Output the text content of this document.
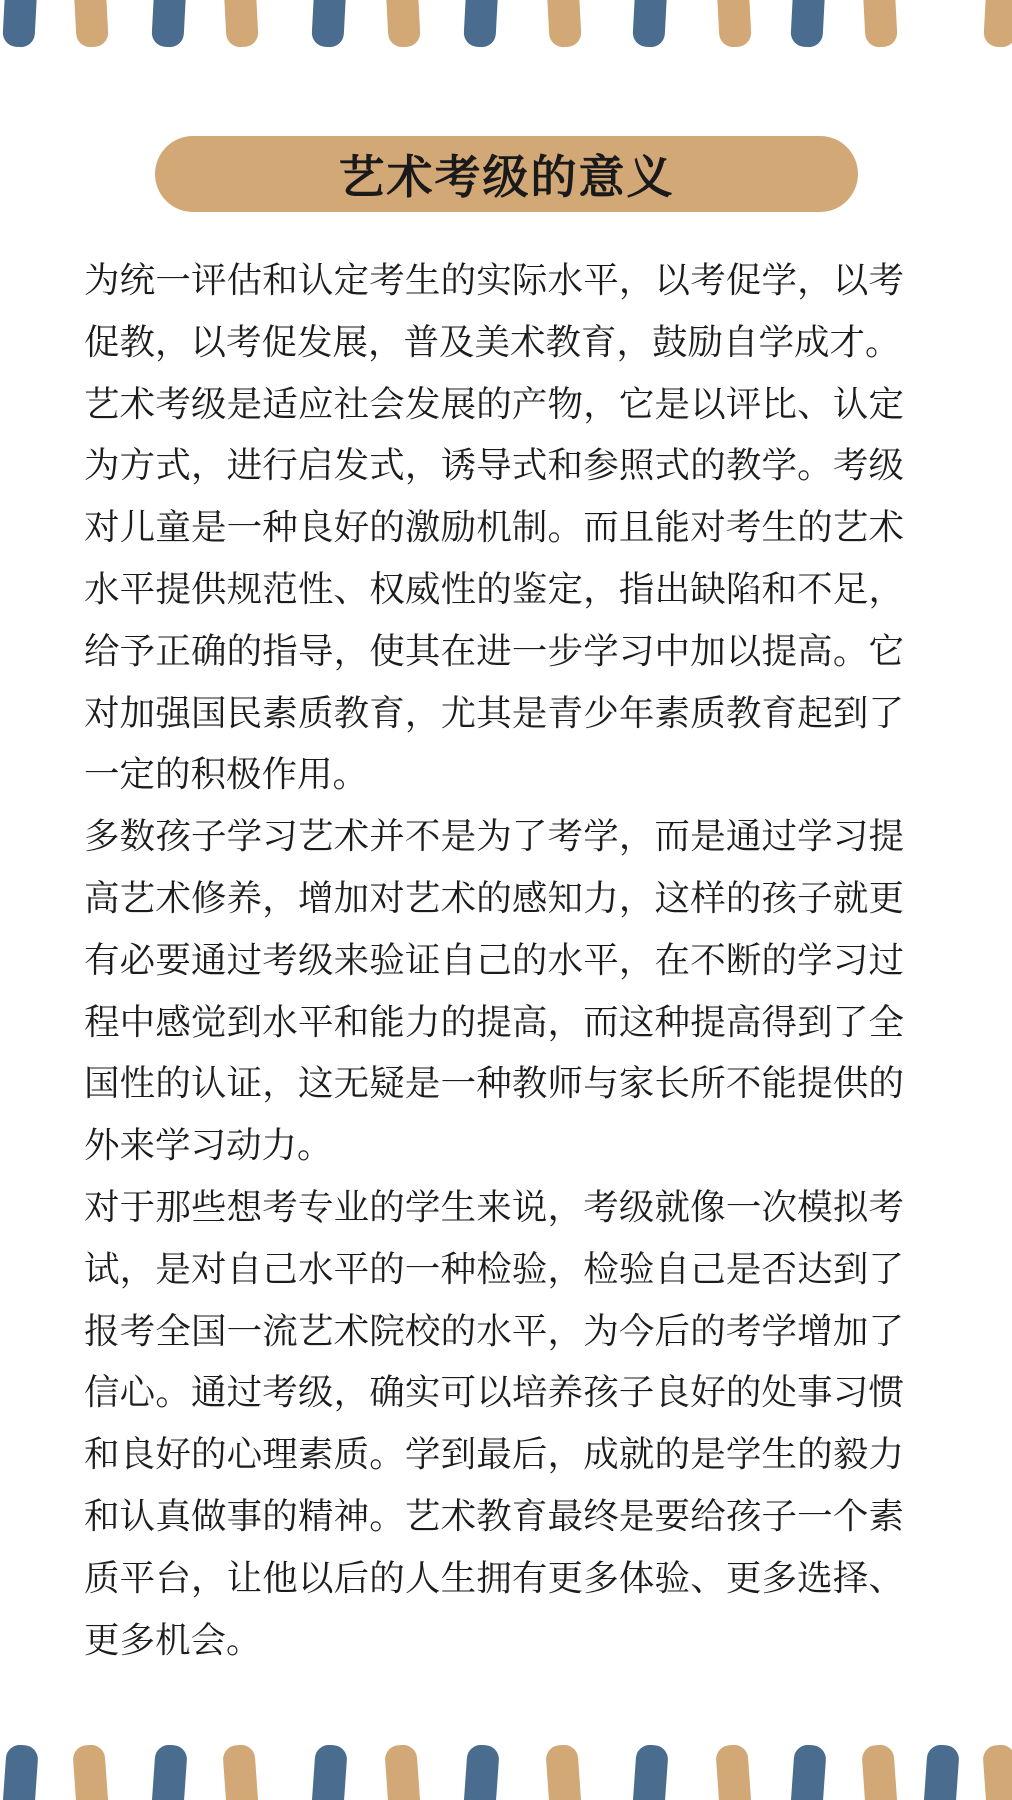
艺术考级的意义

为统一评估和认定考生的实际水平，以考促学，以考促教，以考促发展，普及美术教育，鼓励自学成才。

艺术考级是适应社会发展的产物，它是以评比、认定为方式，进行启发式，诱导式和参照式的教学。考级对儿童是一种良好的激励机制。而且能对考生的艺术水平提供规范性、权威性的鉴定，指出缺陷和不足，给予正确的指导，使其在进一步学习中加以提高。它对加强国民素质教育，尤其是青少年素质教育起到了一定的积极作用。

多数孩子学习艺术并不是为了考学，而是通过学习提高艺术修养，增加对艺术的感知力，这样的孩子就更有必要通过考级来验证自己的水平，在不断的学习过程中感觉到水平和能力的提高，而这种提高得到了全国性的认证，这无疑是一种教师与家长所不能提供的外来学习动力。

对于那些想考专业的学生来说，考级就像一次模拟考试，是对自己水平的一种检验，检验自己是否达到了报考全国一流艺术院校的水平，为今后的考学增加了信心。通过考级，确实可以培养孩子良好的处事习惯和良好的心理素质。学到最后，成就的是学生的毅力和认真做事的精神。艺术教育最终是要给孩子一个素质平台，让他以后的人生拥有更多体验、更多选择、更多机会。
